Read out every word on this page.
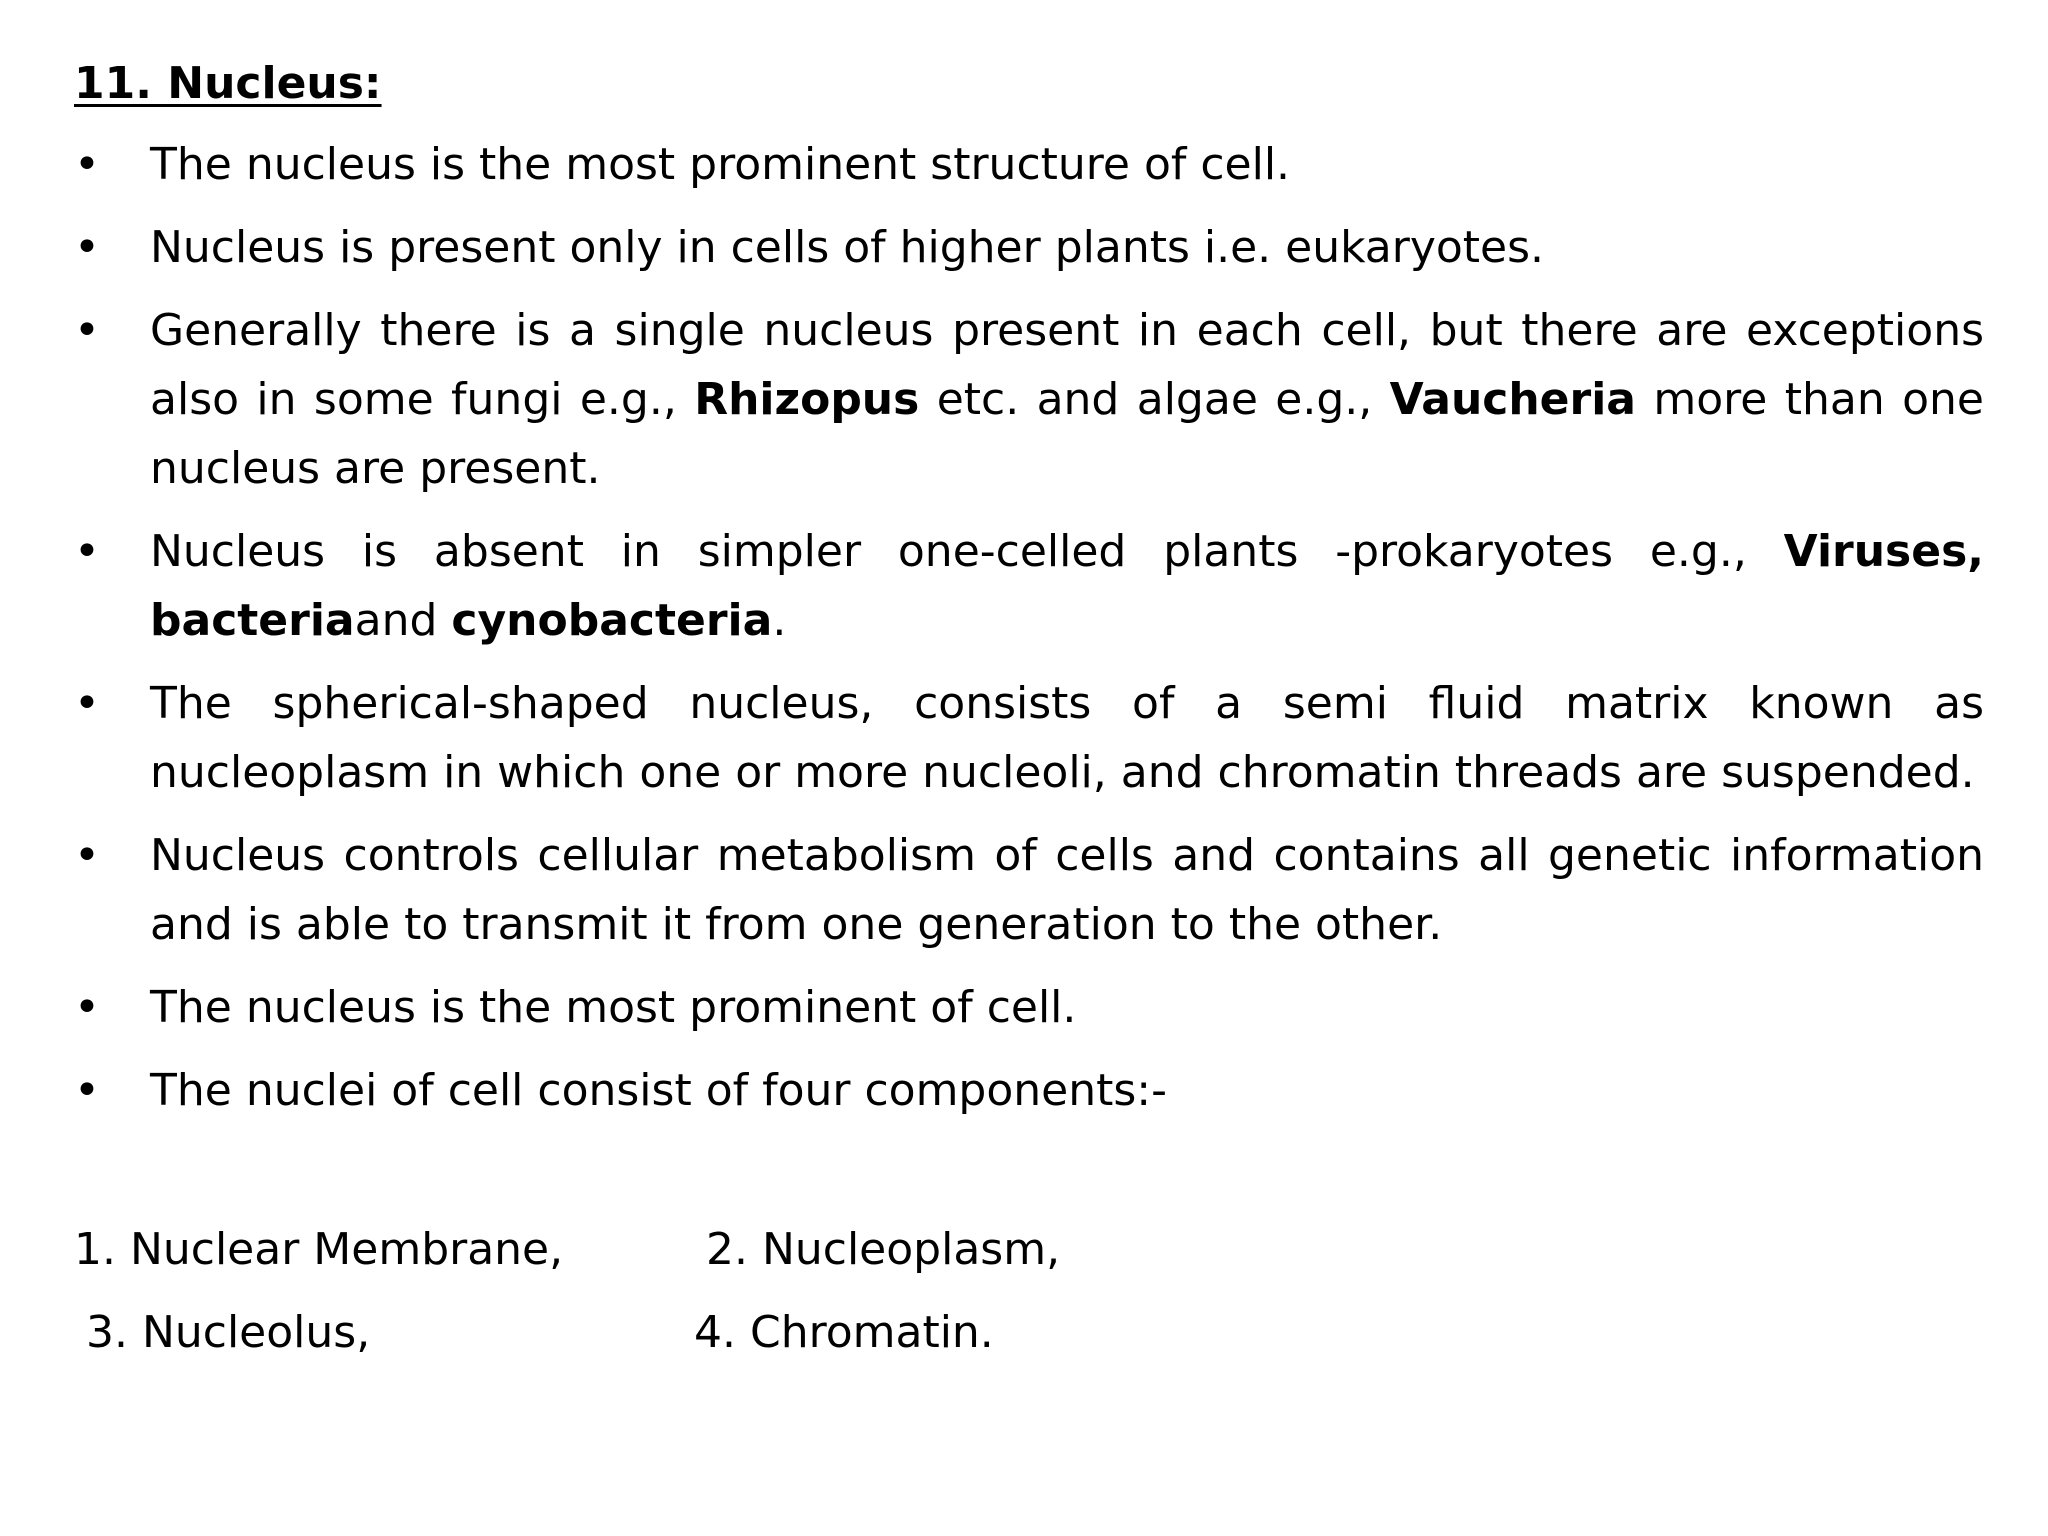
11. Nucleus:
• The nucleus is the most prominent structure of cell.
• Nucleus is present only in cells of higher plants i.e. eukaryotes.
• Generally there is a single nucleus present in each cell, but there are exceptions also in some fungi e.g., Rhizopus etc. and algae e.g., Vaucheria more than one nucleus are present.
• Nucleus is absent in simpler one-celled plants -prokaryotes e.g., Viruses, bacteriaand cynobacteria.
• The spherical-shaped nucleus, consists of a semi fluid matrix known as nucleoplasm in which one or more nucleoli, and chromatin threads are suspended.
• Nucleus controls cellular metabolism of cells and contains all genetic information and is able to transmit it from one generation to the other.
• The nucleus is the most prominent of cell.
• The nuclei of cell consist of four components:-
1. Nuclear Membrane,	2. Nucleoplasm,
3. Nucleolus,	4. Chromatin.
